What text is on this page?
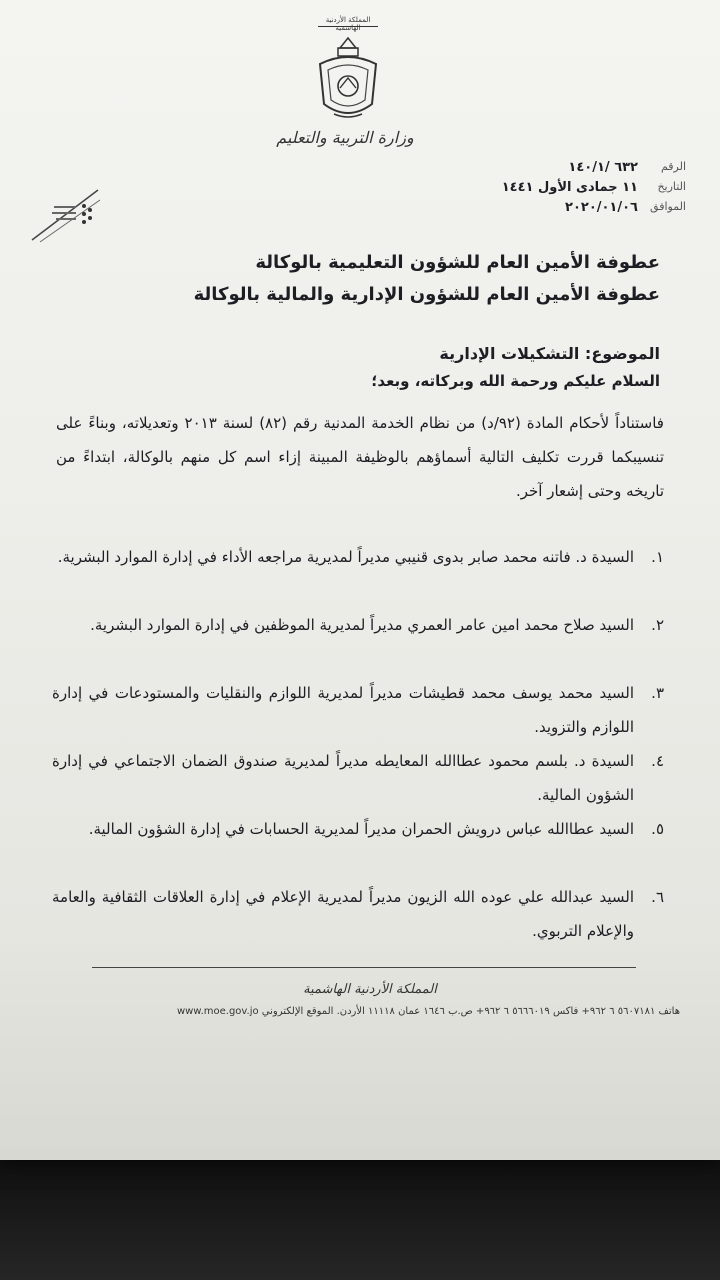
المملكة الأردنية الهاشمية
وزارة التربية والتعليم
الرقم
٦٣٢ /١٤٠/١
التاريخ
١١ جمادى الأول ١٤٤١
الموافق
٢٠٢٠/٠١/٠٦
عطوفة الأمين العام للشؤون التعليمية بالوكالة
عطوفة الأمين العام للشؤون الإدارية والمالية بالوكالة
الموضوع: التشكيلات الإدارية
السلام عليكم ورحمة الله وبركاته، وبعد؛
فاستناداً لأحكام المادة (٩٢/د) من نظام الخدمة المدنية رقم (٨٢) لسنة ٢٠١٣ وتعديلاته، وبناءً على تنسيبكما قررت تكليف التالية أسماؤهم بالوظيفة المبينة إزاء اسم كل منهم بالوكالة، ابتداءً من تاريخه وحتى إشعار آخر.
١.
السيدة د. فاتنه محمد صابر بدوى قنيبي مديراً لمديرية مراجعه الأداء في إدارة الموارد البشرية.
٢.
السيد صلاح محمد امين عامر العمري مديراً لمديرية الموظفين في إدارة الموارد البشرية.
٣.
السيد محمد يوسف محمد قطيشات مديراً لمديرية اللوازم والنقليات والمستودعات في إدارة اللوازم والتزويد.
٤.
السيدة د. بلسم محمود عطاالله المعايطه مديراً لمديرية صندوق الضمان الاجتماعي في إدارة الشؤون المالية.
٥.
السيد عطاالله عباس درويش الحمران مديراً لمديرية الحسابات في إدارة الشؤون المالية.
٦.
السيد عبدالله علي عوده الله الزيون مديراً لمديرية الإعلام في إدارة العلاقات الثقافية والعامة والإعلام التربوي.
المملكة الأردنية الهاشمية
هاتف ٥٦٠٧١٨١ ٦ ٩٦٢+ فاكس ٥٦٦٦٠١٩ ٦ ٩٦٢+ ص.ب ١٦٤٦ عمان ١١١١٨ الأردن. الموقع الإلكتروني www.moe.gov.jo
